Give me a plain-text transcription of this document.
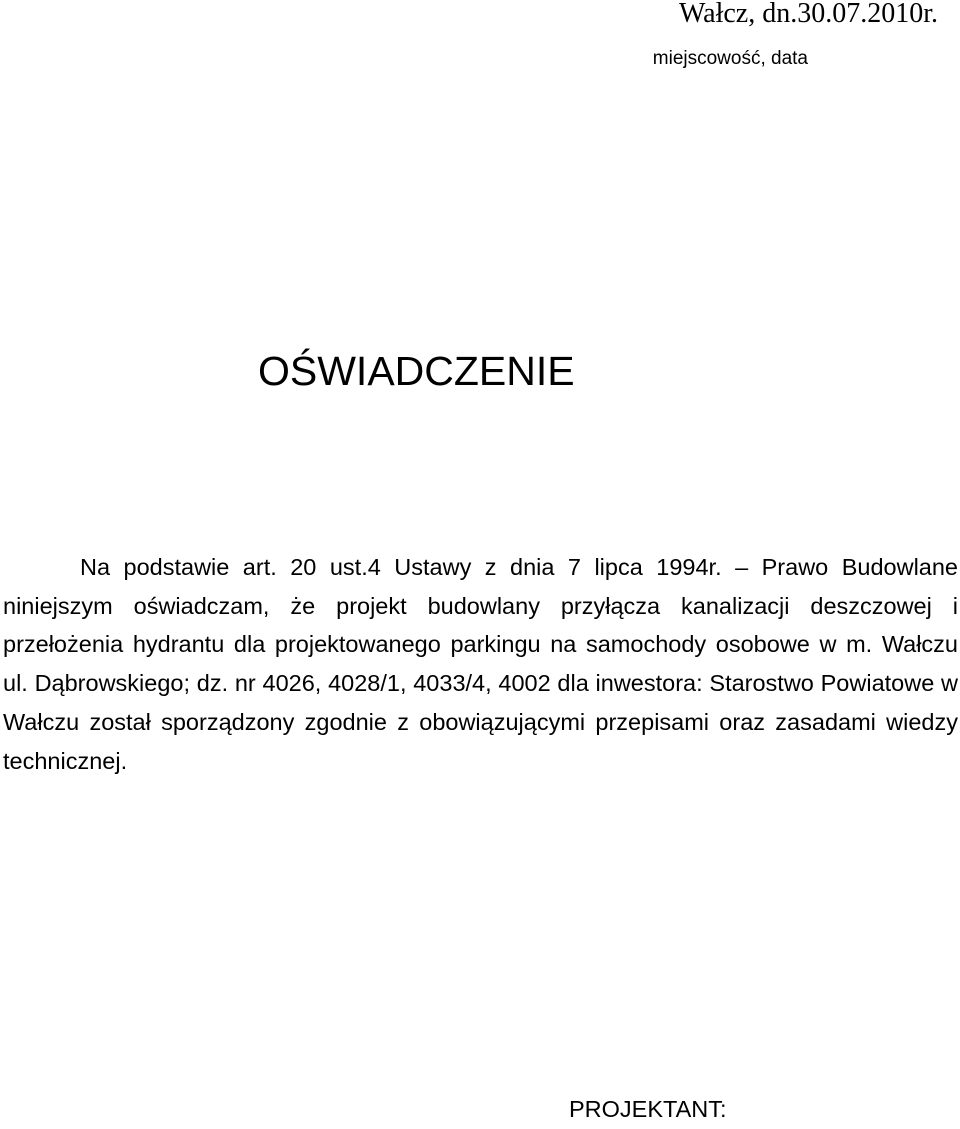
Wałcz, dn.30.07.2010r.
miejscowość, data
OŚWIADCZENIE

Na podstawie art. 20 ust.4 Ustawy z dnia 7 lipca 1994r. – Prawo Budowlane niniejszym oświadczam, że projekt budowlany przyłącza kanalizacji deszczowej i przełożenia hydrantu dla projektowanego parkingu na samochody osobowe w m. Wałczu ul. Dąbrowskiego; dz. nr 4026, 4028/1, 4033/4, 4002 dla inwestora: Starostwo Powiatowe w Wałczu został sporządzony zgodnie z obowiązującymi przepisami oraz zasadami wiedzy technicznej.

PROJEKTANT:
